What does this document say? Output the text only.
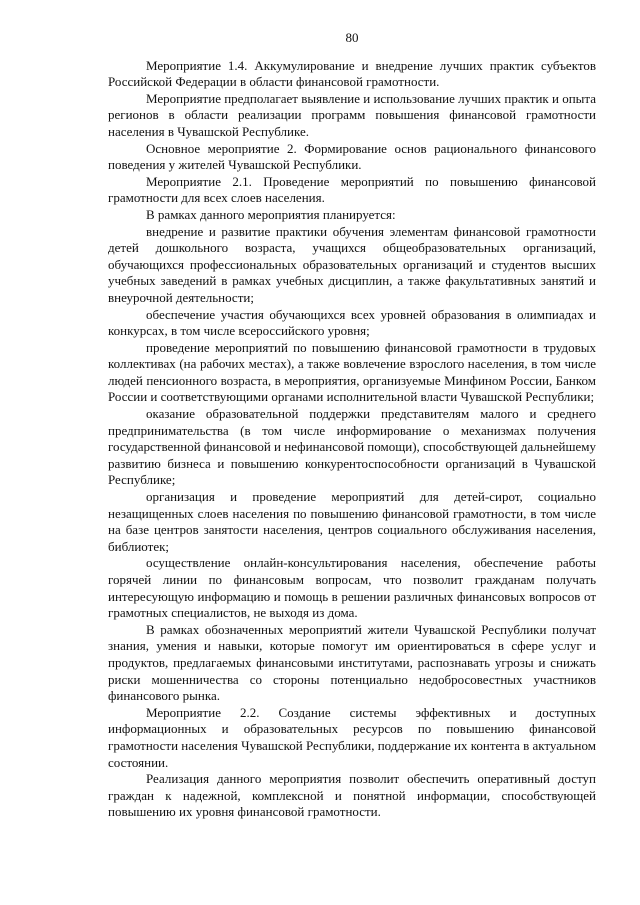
80

Мероприятие 1.4. Аккумулирование и внедрение лучших практик субъектов Российской Федерации в области финансовой грамотности.

Мероприятие предполагает выявление и использование лучших практик и опыта регионов в области реализации программ повышения финансовой грамотности населения в Чувашской Республике.

Основное мероприятие 2. Формирование основ рационального финансового поведения у жителей Чувашской Республики.

Мероприятие 2.1. Проведение мероприятий по повышению финансовой грамотности для всех слоев населения.

В рамках данного мероприятия планируется:

внедрение и развитие практики обучения элементам финансовой грамотности детей дошкольного возраста, учащихся общеобразовательных организаций, обучающихся профессиональных образовательных организаций и студентов высших учебных заведений в рамках учебных дисциплин, а также факультативных занятий и внеурочной деятельности;

обеспечение участия обучающихся всех уровней образования в олимпиадах и конкурсах, в том числе всероссийского уровня;

проведение мероприятий по повышению финансовой грамотности в трудовых коллективах (на рабочих местах), а также вовлечение взрослого населения, в том числе людей пенсионного возраста, в мероприятия, организуемые Минфином России, Банком России и соответствующими органами исполнительной власти Чувашской Республики;

оказание образовательной поддержки представителям малого и среднего предпринимательства (в том числе информирование о механизмах получения государственной финансовой и нефинансовой помощи), способствующей дальнейшему развитию бизнеса и повышению конкурентоспособности организаций в Чувашской Республике;

организация и проведение мероприятий для детей-сирот, социально незащищенных слоев населения по повышению финансовой грамотности, в том числе на базе центров занятости населения, центров социального обслуживания населения, библиотек;

осуществление онлайн-консультирования населения, обеспечение работы горячей линии по финансовым вопросам, что позволит гражданам получать интересующую информацию и помощь в решении различных финансовых вопросов от грамотных специалистов, не выходя из дома.

В рамках обозначенных мероприятий жители Чувашской Республики получат знания, умения и навыки, которые помогут им ориентироваться в сфере услуг и продуктов, предлагаемых финансовыми институтами, распознавать угрозы и снижать риски мошенничества со стороны потенциально недобросовестных участников финансового рынка.

Мероприятие 2.2. Создание системы эффективных и доступных информационных и образовательных ресурсов по повышению финансовой грамотности населения Чувашской Республики, поддержание их контента в актуальном состоянии.

Реализация данного мероприятия позволит обеспечить оперативный доступ граждан к надежной, комплексной и понятной информации, способствующей повышению их уровня финансовой грамотности.
